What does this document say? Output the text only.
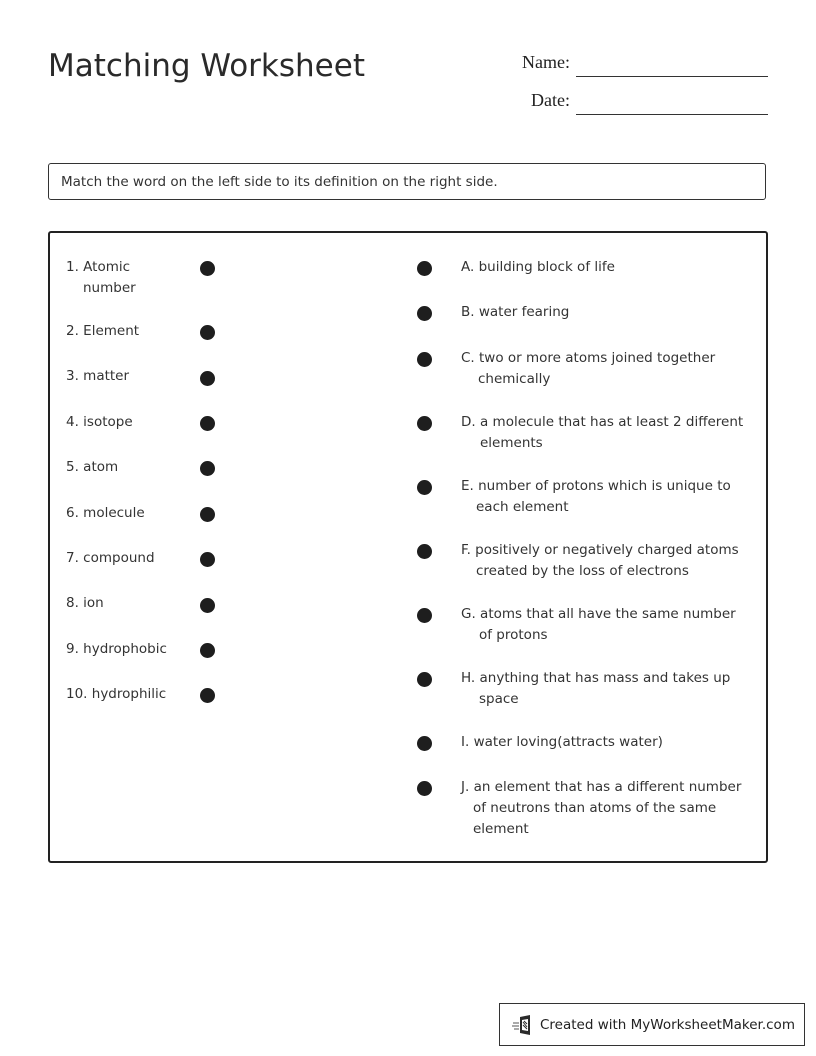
Matching Worksheet	Name:
Date:
Match the word on the left side to its definition on the right side.
1. Atomic
number
2. Element
3. matter
4. isotope
5. atom
6. molecule
7. compound
8. ion
9. hydrophobic
10. hydrophilic
A. building block of life
B. water fearing
C. two or more atoms joined together
chemically
D. a molecule that has at least 2 different
elements
E. number of protons which is unique to
each element
F. positively or negatively charged atoms
created by the loss of electrons
G. atoms that all have the same number
of protons
H. anything that has mass and takes up
space
I. water loving(attracts water)
J. an element that has a different number
of neutrons than atoms of the same
element
Created with MyWorksheetMaker.com
